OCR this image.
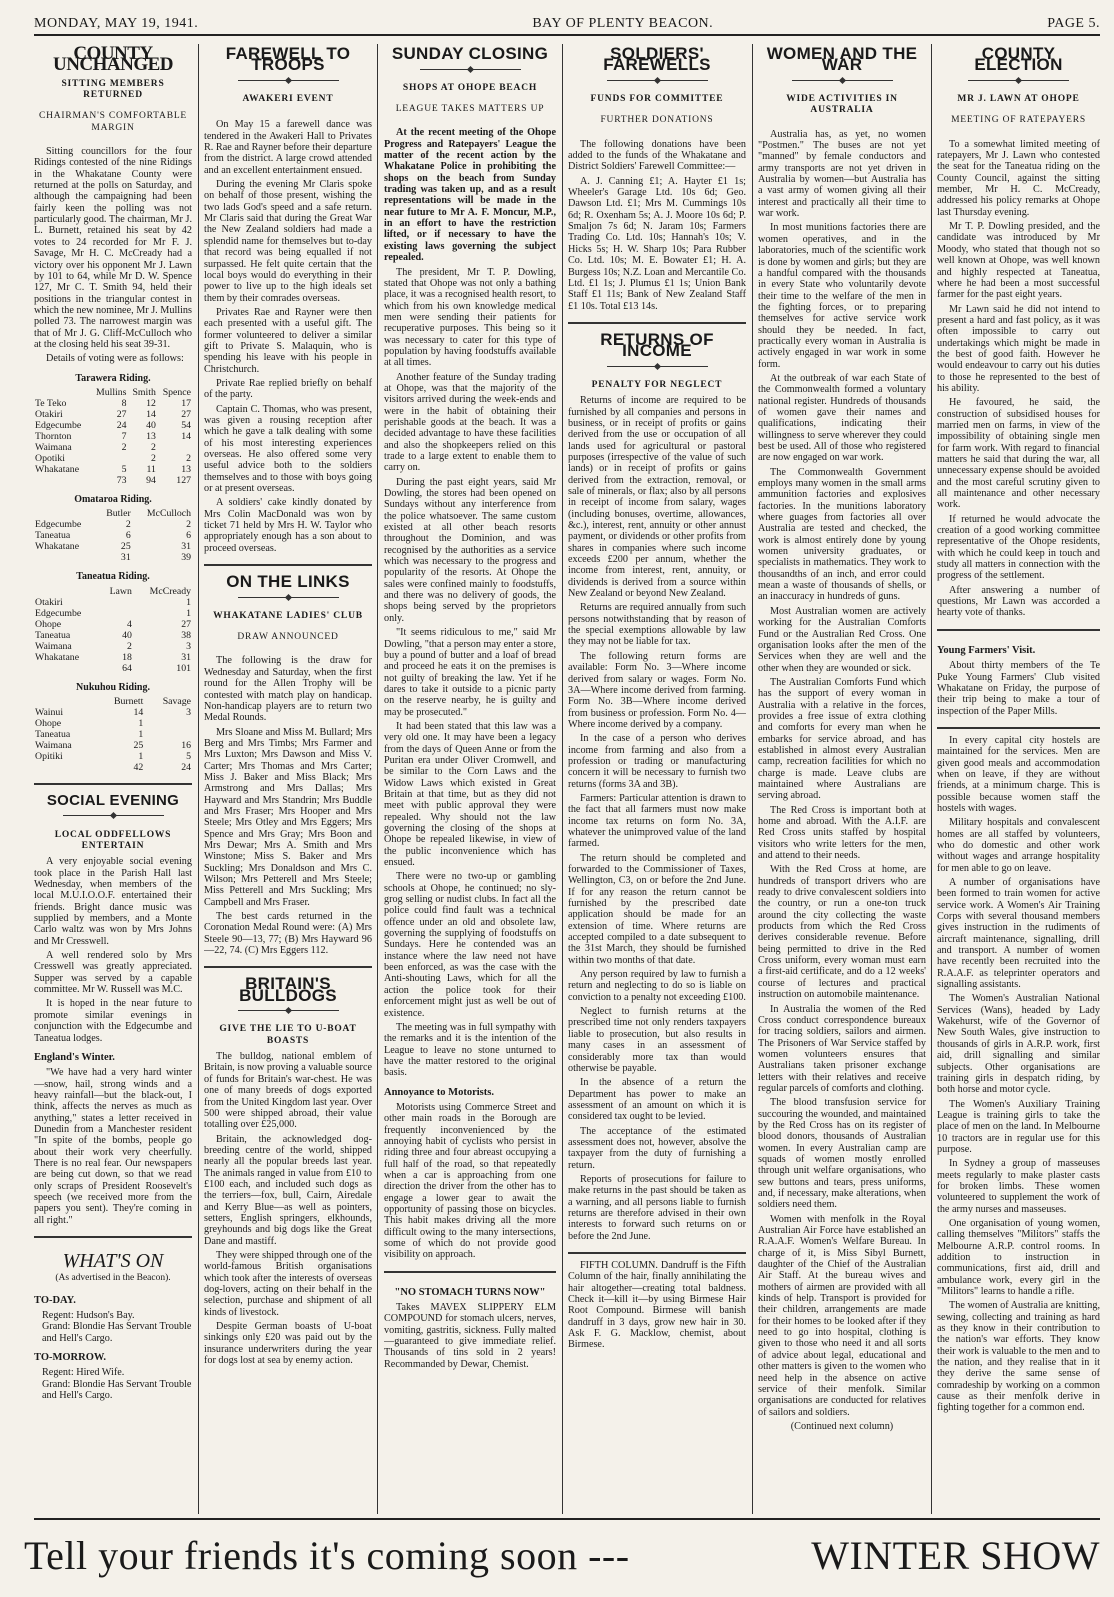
MONDAY, MAY 19, 1941.	BAY OF PLENTY BEACON.	PAGE 5.
COUNTY UNCHANGED
SITTING MEMBERS RETURNED
CHAIRMAN'S COMFORTABLE MARGIN

Sitting councillors for the four Ridings contested of the nine Ridings in the Whakatane County were returned at the polls on Saturday, and although the campaigning had been fairly keen the polling was not particularly good. The chairman, Mr J. L. Burnett, retained his seat by 42 votes to 24 recorded for Mr F. J. Savage, Mr H. C. McCready had a victory over his opponent Mr J. Lawn by 101 to 64, while Mr D. W. Spence 127, Mr C. T. Smith 94, held their positions in the triangular contest in which the new nominee, Mr J. Mullins polled 73. The narrowest margin was that of Mr J. G. Cliff-McCulloch who at the closing held his seat 39-31.

Details of voting were as follows:

Tarawera Riding.
	Mullins	Smith	Spence
Te Teko	8	12	17
Otakiri	27	14	27
Edgecumbe	24	40	54
Thornton	7	13	14
Waimana	2	2	
Opotiki		2	2
Whakatane	5	11	13
	73	94	127
Omataroa Riding.
	Butler	McCulloch
Edgecumbe	2	2
Taneatua	6	6
Whakatane	25	31
	31	39
Taneatua Riding.
	Lawn	McCready
Otakiri		1
Edgecumbe		1
Ohope	4	27
Taneatua	40	38
Waimana	2	3
Whakatane	18	31
	64	101
Nukuhou Riding.
	Burnett	Savage
Wainui	14	3
Ohope	1	
Taneatua	1	
Waimana	25	16
Opitiki	1	5
	42	24
SOCIAL EVENING
LOCAL ODDFELLOWS ENTERTAIN

A very enjoyable social evening took place in the Parish Hall last Wednesday, when members of the local M.U.I.O.O.F. entertained their friends. Bright dance music was supplied by members, and a Monte Carlo waltz was won by Mrs Johns and Mr Cresswell.

A well rendered solo by Mrs Cresswell was greatly appreciated. Supper was served by a capable committee. Mr W. Russell was M.C.

It is hoped in the near future to promote similar evenings in conjunction with the Edgecumbe and Taneatua lodges.

England's Winter.

"We have had a very hard winter —snow, hail, strong winds and a heavy rainfall—but the black-out, I think, affects the nerves as much as anything," states a letter received in Dunedin from a Manchester resident "In spite of the bombs, people go about their work very cheerfully. There is no real fear. Our newspapers are being cut down, so that we read only scraps of President Roosevelt's speech (we received more from the papers you sent). They're coming in all right."

WHAT'S ON
(As advertised in the Beacon).
TO-DAY.
Regent: Hudson's Bay.
Grand: Blondie Has Servant Trouble and Hell's Cargo.
TO-MORROW.
Regent: Hired Wife.
Grand: Blondie Has Servant Trouble and Hell's Cargo.
FAREWELL TO TROOPS
AWAKERI EVENT

On May 15 a farewell dance was tendered in the Awakeri Hall to Privates R. Rae and Rayner before their departure from the district. A large crowd attended and an excellent entertainment ensued.

During the evening Mr Claris spoke on behalf of those present, wishing the two lads God's speed and a safe return. Mr Claris said that during the Great War the New Zealand soldiers had made a splendid name for themselves but to-day that record was being equalled if not surpassed. He felt quite certain that the local boys would do everything in their power to live up to the high ideals set them by their comrades overseas.

Privates Rae and Rayner were then each presented with a useful gift. The former volunteered to deliver a similar gift to Private S. Malaquin, who is spending his leave with his people in Christchurch.

Private Rae replied briefly on behalf of the party.

Captain C. Thomas, who was present, was given a rousing reception after which he gave a talk dealing with some of his most interesting experiences overseas. He also offered some very useful advice both to the soldiers themselves and to those with boys going or at present overseas.

A soldiers' cake kindly donated by Mrs Colin MacDonald was won by ticket 71 held by Mrs H. W. Taylor who appropriately enough has a son about to proceed overseas.

ON THE LINKS
WHAKATANE LADIES' CLUB
DRAW ANNOUNCED

The following is the draw for Wednesday and Saturday, when the first round for the Allen Trophy will be contested with match play on handicap. Non-handicap players are to return two Medal Rounds.

Mrs Sloane and Miss M. Bullard; Mrs Berg and Mrs Timbs; Mrs Farmer and Mrs Luxton; Mrs Dawson and Miss V. Carter; Mrs Thomas and Mrs Carter; Miss J. Baker and Miss Black; Mrs Armstrong and Mrs Dallas; Mrs Hayward and Mrs Standrin; Mrs Buddle and Mrs Fraser; Mrs Hooper and Mrs Steele; Mrs Otley and Mrs Eggers; Mrs Spence and Mrs Gray; Mrs Boon and Mrs Dewar; Mrs A. Smith and Mrs Winstone; Miss S. Baker and Mrs Suckling; Mrs Donaldson and Mrs C. Wilson; Mrs Petterell and Mrs Steele; Miss Petterell and Mrs Suckling; Mrs Campbell and Mrs Fraser.

The best cards returned in the Coronation Medal Round were: (A) Mrs Steele 90—13, 77; (B) Mrs Hayward 96—22, 74. (C) Mrs Eggers 112.

BRITAIN'S BULLDOGS
GIVE THE LIE TO U-BOAT BOASTS

The bulldog, national emblem of Britain, is now proving a valuable source of funds for Britain's war-chest. He was one of many breeds of dogs exported from the United Kingdom last year. Over 500 were shipped abroad, their value totalling over £25,000.

Britain, the acknowledged dog-breeding centre of the world, shipped nearly all the popular breeds last year. The animals ranged in value from £10 to £100 each, and included such dogs as the terriers—fox, bull, Cairn, Airedale and Kerry Blue—as well as pointers, setters, English springers, elkhounds, greyhounds and big dogs like the Great Dane and mastiff.

They were shipped through one of the world-famous British organisations which took after the interests of overseas dog-lovers, acting on their behalf in the selection, purchase and shipment of all kinds of livestock.

Despite German boasts of U-boat sinkings only £20 was paid out by the insurance underwriters during the year for dogs lost at sea by enemy action.

SUNDAY CLOSING
SHOPS AT OHOPE BEACH
LEAGUE TAKES MATTERS UP

At the recent meeting of the Ohope Progress and Ratepayers' League the matter of the recent action by the Whakatane Police in prohibiting the shops on the beach from Sunday trading was taken up, and as a result representations will be made in the near future to Mr A. F. Moncur, M.P., in an effort to have the restriction lifted, or if necessary to have the existing laws governing the subject repealed.

The president, Mr T. P. Dowling, stated that Ohope was not only a bathing place, it was a recognised health resort, to which from his own knowledge medical men were sending their patients for recuperative purposes. This being so it was necessary to cater for this type of population by having foodstuffs available at all times.

Another feature of the Sunday trading at Ohope, was that the majority of the visitors arrived during the week-ends and were in the habit of obtaining their perishable goods at the beach. It was a decided advantage to have these facilities and also the shopkeepers relied on this trade to a large extent to enable them to carry on.

During the past eight years, said Mr Dowling, the stores had been opened on Sundays without any interference from the police whatsoever. The same custom existed at all other beach resorts throughout the Dominion, and was recognised by the authorities as a service which was necessary to the progress and popularity of the resorts. At Ohope the sales were confined mainly to foodstuffs, and there was no delivery of goods, the shops being served by the proprietors only.

"It seems ridiculous to me," said Mr Dowling, "that a person may enter a store, buy a pound of butter and a loaf of bread and proceed he eats it on the premises is not guilty of breaking the law. Yet if he dares to take it outside to a picnic party on the reserve nearby, he is guilty and may be prosecuted."

It had been stated that this law was a very old one. It may have been a legacy from the days of Queen Anne or from the Puritan era under Oliver Cromwell, and be similar to the Corn Laws and the Widow Laws which existed in Great Britain at that time, but as they did not meet with public approval they were repealed. Why should not the law governing the closing of the shops at Ohope be repealed likewise, in view of the public inconvenience which has ensued.

There were no two-up or gambling schools at Ohope, he continued; no sly-grog selling or nudist clubs. In fact all the police could find fault was a technical offence under an old and obsolete law, governing the supplying of foodstuffs on Sundays. Here he contended was an instance where the law need not have been enforced, as was the case with the Anti-shouting Laws, which for all the action the police took for their enforcement might just as well be out of existence.

The meeting was in full sympathy with the remarks and it is the intention of the League to leave no stone unturned to have the matter restored to the original basis.

Annoyance to Motorists.

Motorists using Commerce Street and other main roads in the Borough are frequently inconvenienced by the annoying habit of cyclists who persist in riding three and four abreast occupying a full half of the road, so that repeatedly when a car is approaching from one direction the driver from the other has to engage a lower gear to await the opportunity of passing those on bicycles. This habit makes driving all the more difficult owing to the many intersections, some of which do not provide good visibility on approach.

"NO STOMACH TURNS NOW"

Takes MAVEX SLIPPERY ELM COMPOUND for stomach ulcers, nerves, vomiting, gastritis, sickness. Fully malted—guaranteed to give immediate relief. Thousands of tins sold in 2 years! Recommanded by Dewar, Chemist.

SOLDIERS' FAREWELLS
FUNDS FOR COMMITTEE
FURTHER DONATIONS

The following donations have been added to the funds of the Whakatane and District Soldiers' Farewell Committee:—

A. J. Canning £1; A. Hayter £1 1s; Wheeler's Garage Ltd. 10s 6d; Geo. Dawson Ltd. £1; Mrs M. Cummings 10s 6d; R. Oxenham 5s; A. J. Moore 10s 6d; P. Smaljon 7s 6d; N. Jaram 10s; Farmers Trading Co. Ltd. 10s; Hannah's 10s; V. Hicks 5s; H. W. Sharp 10s; Para Rubber Co. Ltd. 10s; M. E. Bowater £1; H. A. Burgess 10s; N.Z. Loan and Mercantile Co. Ltd. £1 1s; J. Plumus £1 1s; Union Bank Staff £1 11s; Bank of New Zealand Staff £1 10s. Total £13 14s.

RETURNS OF INCOME
PENALTY FOR NEGLECT

Returns of income are required to be furnished by all companies and persons in business, or in receipt of profits or gains derived from the use or occupation of all lands used for agricultural or pastoral purposes (irrespective of the value of such lands) or in receipt of profits or gains derived from the extraction, removal, or sale of minerals, or flax; also by all persons in receipt of income from salary, wages (including bonuses, overtime, allowances, &c.), interest, rent, annuity or other annust payment, or dividends or other profits from shares in companies where such income exceeds £200 per annum, whether the income from interest, rent, annuity, or dividends is derived from a source within New Zealand or beyond New Zealand.

Returns are required annually from such persons notwithstanding that by reason of the special exemptions allowable by law they may not be liable for tax.

The following return forms are available: Form No. 3—Where income derived from salary or wages. Form No. 3A—Where income derived from farming. Form No. 3B—Where income derived from business or profession. Form No. 4—Where income derived by a company.

In the case of a person who derives income from farming and also from a profession or trading or manufacturing concern it will be necessary to furnish two returns (forms 3A and 3B).

Farmers: Particular attention is drawn to the fact that all farmers must now make income tax returns on form No. 3A, whatever the unimproved value of the land farmed.

The return should be completed and forwarded to the Commissioner of Taxes, Wellington, C3, on or before the 2nd June. If for any reason the return cannot be furnished by the prescribed date application should be made for an extension of time. Where returns are accepted compiled to a date subsequent to the 31st March, they should be furnished within two months of that date.

Any person required by law to furnish a return and neglecting to do so is liable on conviction to a penalty not exceeding £100.

Neglect to furnish returns at the prescribed time not only renders taxpayers liable to prosecution, but also results in many cases in an assessment of considerably more tax than would otherwise be payable.

In the absence of a return the Department has power to make an assessment of an amount on which it is considered tax ought to be levied.

The acceptance of the estimated assessment does not, however, absolve the taxpayer from the duty of furnishing a return.

Reports of prosecutions for failure to make returns in the past should be taken as a warning, and all persons liable to furnish returns are therefore advised in their own interests to forward such returns on or before the 2nd June.

FIFTH COLUMN. Dandruff is the Fifth Column of the hair, finally annihilating the hair altogether—creating total baldness. Check it—kill it—by using Birmese Hair Root Compound. Birmese will banish dandruff in 3 days, grow new hair in 30. Ask F. G. Macklow, chemist, about Birmese.

WOMEN AND THE WAR
WIDE ACTIVITIES IN AUSTRALIA

Australia has, as yet, no women "Postmen." The buses are not yet "manned" by female conductors and army transports are not yet driven in Australia by women—but Australia has a vast army of women giving all their interest and practically all their time to war work.

In most munitions factories there are women operatives, and in the laboratories, much of the scientific work is done by women and girls; but they are a handful compared with the thousands in every State who voluntarily devote their time to the welfare of the men in the fighting forces, or to preparing themselves for active service work should they be needed. In fact, practically every woman in Australia is actively engaged in war work in some form.

At the outbreak of war each State of the Commonwealth formed a voluntary national register. Hundreds of thousands of women gave their names and qualifications, indicating their willingness to serve wherever they could best be used. All of those who registered are now engaged on war work.

The Commonwealth Government employs many women in the small arms ammunition factories and explosives factories. In the munitions laboratory where guages from factories all over Australia are tested and checked, the work is almost entirely done by young women university graduates, or specialists in mathematics. They work to thousandths of an inch, and error could mean a waste of thousands of shells, or an inaccuracy in hundreds of guns.

Most Australian women are actively working for the Australian Comforts Fund or the Australian Red Cross. One organisation looks after the men of the Services when they are well and the other when they are wounded or sick.

The Australian Comforts Fund which has the support of every woman in Australia with a relative in the forces, provides a free issue of extra clothing and comforts for every man when he embarks for service abroad, and has established in almost every Australian camp, recreation facilities for which no charge is made. Leave clubs are maintained where Australians are serving abroad.

The Red Cross is important both at home and abroad. With the A.I.F. are Red Cross units staffed by hospital visitors who write letters for the men, and attend to their needs.

With the Red Cross at home, are hundreds of transport drivers who are ready to drive convalescent soldiers into the country, or run a one-ton truck around the city collecting the waste products from which the Red Cross derives considerable revenue. Before being permitted to drive in the Red Cross uniform, every woman must earn a first-aid certificate, and do a 12 weeks' course of lectures and practical instruction on automobile maintenance.

In Australia the women of the Red Cross conduct correspondence bureaux for tracing soldiers, sailors and airmen. The Prisoners of War Service staffed by women volunteers ensures that Australians taken prisoner exchange letters with their relatives and receive regular parcels of comforts and clothing.

The blood transfusion service for succouring the wounded, and maintained by the Red Cross has on its register of blood donors, thousands of Australian women. In every Australian camp are squads of women mostly enrolled through unit welfare organisations, who sew buttons and tears, press uniforms, and, if necessary, make alterations, when soldiers need them.

Women with menfolk in the Royal Australian Air Force have established an R.A.A.F. Women's Welfare Bureau. In charge of it, is Miss Sibyl Burnett, daughter of the Chief of the Australian Air Staff. At the bureau wives and mothers of airmen are provided with all kinds of help. Transport is provided for their children, arrangements are made for their homes to be looked after if they need to go into hospital, clothing is given to those who need it and all sorts of advice about legal, educational and other matters is given to the women who need help in the absence on active service of their menfolk. Similar organisations are conducted for relatives of sailors and soldiers.

(Continued next column)
COUNTY ELECTION
MR J. LAWN AT OHOPE
MEETING OF RATEPAYERS

To a somewhat limited meeting of ratepayers, Mr J. Lawn who contested the seat for the Taneatua riding on the County Council, against the sitting member, Mr H. C. McCready, addressed his policy remarks at Ohope last Thursday evening.

Mr T. P. Dowling presided, and the candidate was introduced by Mr Moody, who stated that though not so well known at Ohope, was well known and highly respected at Taneatua, where he had been a most successful farmer for the past eight years.

Mr Lawn said he did not intend to present a hard and fast policy, as it was often impossible to carry out undertakings which might be made in the best of good faith. However he would endeavour to carry out his duties to those he represented to the best of his ability.

He favoured, he said, the construction of subsidised houses for married men on farms, in view of the impossibility of obtaining single men for farm work. With regard to financial matters he said that during the war, all unnecessary expense should be avoided and the most careful scrutiny given to all maintenance and other necessary work.

If returned he would advocate the creation of a good working committee representative of the Ohope residents, with which he could keep in touch and study all matters in connection with the progress of the settlement.

After answering a number of questions, Mr Lawn was accorded a hearty vote of thanks.

Young Farmers' Visit.

About thirty members of the Te Puke Young Farmers' Club visited Whakatane on Friday, the purpose of their trip being to make a tour of inspection of the Paper Mills.

In every capital city hostels are maintained for the services. Men are given good meals and accommodation when on leave, if they are without friends, at a minimum charge. This is possible because women staff the hostels with wages.

Military hospitals and convalescent homes are all staffed by volunteers, who do domestic and other work without wages and arrange hospitality for men able to go on leave.

A number of organisations have been formed to train women for active service work. A Women's Air Training Corps with several thousand members gives instruction in the rudiments of aircraft maintenance, signalling, drill and transport. A number of women have recently been recruited into the R.A.A.F. as teleprinter operators and signalling assistants.

The Women's Australian National Services (Wans), headed by Lady Wakehurst, wife of the Governor of New South Wales, give instruction to thousands of girls in A.R.P. work, first aid, drill signalling and similar subjects. Other organisations are training girls in despatch riding, by both horse and motor cycle.

The Women's Auxiliary Training League is training girls to take the place of men on the land. In Melbourne 10 tractors are in regular use for this purpose.

In Sydney a group of masseuses meets regularly to make plaster casts for broken limbs. These women volunteered to supplement the work of the army nurses and masseuses.

One organisation of young women, calling themselves "Militors" staffs the Melbourne A.R.P. control rooms. In addition to instruction in communications, first aid, drill and ambulance work, every girl in the "Militors" learns to handle a rifle.

The women of Australia are knitting, sewing, collecting and training as hard as they know in their contribution to the nation's war efforts. They know their work is valuable to the men and to the nation, and they realise that in it they derive the same sense of comradeship by working on a common cause as their menfolk derive in fighting together for a common end.

Tell your friends it's coming soon ---	WINTER SHOW
